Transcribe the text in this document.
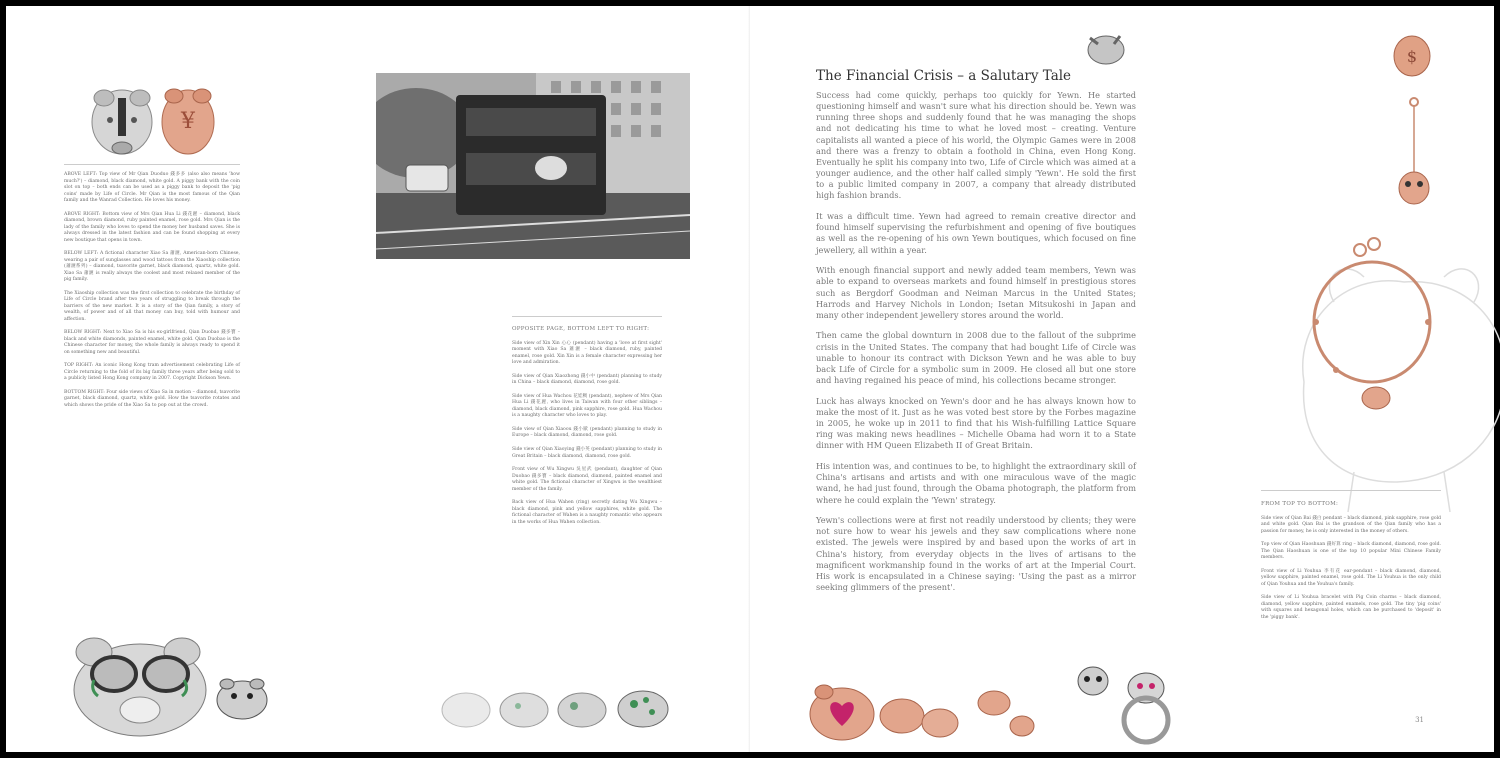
¥

ABOVE LEFT: Top view of Mr Qian Duoduo 錢多多 (also also means 'how much?') – diamond, black diamond, white gold. A piggy bank with the coin slot on top – both ends can be used as a piggy bank to deposit the 'pig coins' made by Life of Circle. Mr Qian is the most famous of the Qian family and the Wanrad Collection. He loves his money.

ABOVE RIGHT: Bottom view of Mrs Qian Hua Li 錢花麗 – diamond, black diamond, brown diamond, ruby painted enamel, rose gold. Mrs Qian is the lady of the family who loves to spend the money her husband saves. She is always dressed in the latest fashion and can be found shopping at every new boutique that opens in town.

BELOW LEFT: A fictional character Xiao Sa 蕭灑, American-born Chinese, wearing a pair of sunglasses and wood tattoos from the Xiaoship collection (蕭灑系列) – diamond, tsavorite garnet, black diamond, quartz, white gold. Xiao Sa 蕭灑 is really always the coolest and most relaxed member of the pig family.

The Xiaoship collection was the first collection to celebrate the birthday of Life of Circle brand after two years of struggling to break through the barriers of the new market. It is a story of the Qian family, a story of wealth, of power and of all that money can buy, told with humour and affection.

BELOW RIGHT: Next to Xiao Sa is his ex-girlfriend, Qian Duobao 錢多寶 – black and white diamonds, painted enamel, white gold. Qian Duobao is the Chinese character for money, the whole family is always ready to spend it on something new and beautiful.

TOP RIGHT: An iconic Hong Kong tram advertisement celebrating Life of Circle returning to the fold of its big family three years after being sold to a publicly listed Hong Kong company in 2007. Copyright Dickson Yewn.

BOTTOM RIGHT: Four side views of Xiao Sa in motion – diamond, tsavorite garnet, black diamond, quartz, white gold. How the tsavorite rotates and which shows the pride of the Xiao Sa to pop out at the crowd.

OPPOSITE PAGE, BOTTOM LEFT TO RIGHT:

Side view of Xin Xin 心心 (pendant) having a 'love at first sight' moment with Xiao Sa 蕭灑 – black diamond, ruby, painted enamel, rose gold. Xin Xin is a female character expressing her love and admiration.

Side view of Qian Xiaozhong 錢小中 (pendant) planning to study in China – black diamond, diamond, rose gold.

Side view of Hua Wachou 花娃稠 (pendant), nephew of Mrs Qian Hua Li 錢花麗, who lives in Taiwan with four other siblings – diamond, black diamond, pink sapphire, rose gold. Hua Wachou is a naughty character who loves to play.

Side view of Qian Xiaoou 錢小歐 (pendant) planning to study in Europe – black diamond, diamond, rose gold.

Side view of Qian Xiaoying 錢小英 (pendant) planning to study in Great Britain – black diamond, diamond, rose gold.

Front view of Wu Xingwu 吳星武 (pendant), daughter of Qian Duobao 錢多寶 – black diamond, diamond, painted enamel and white gold. The fictional character of Xingwu is the wealthiest member of the family.

Back view of Hua Wahen (ring) secretly dating Wu Xingwu – black diamond, pink and yellow sapphires, white gold. The fictional character of Wahen is a naughty romantic who appears in the works of Hua Wahen collection.

The Financial Crisis – a Salutary Tale

Success had come quickly, perhaps too quickly for Yewn. He started questioning himself and wasn't sure what his direction should be. Yewn was running three shops and suddenly found that he was managing the shops and not dedicating his time to what he loved most – creating. Venture capitalists all wanted a piece of his world, the Olympic Games were in 2008 and there was a frenzy to obtain a foothold in China, even Hong Kong. Eventually he split his company into two, Life of Circle which was aimed at a younger audience, and the other half called simply 'Yewn'. He sold the first to a public limited company in 2007, a company that already distributed high fashion brands.

It was a difficult time. Yewn had agreed to remain creative director and found himself supervising the refurbishment and opening of five boutiques as well as the re-opening of his own Yewn boutiques, which focused on fine jewellery, all within a year.

With enough financial support and newly added team members, Yewn was able to expand to overseas markets and found himself in prestigious stores such as Bergdorf Goodman and Neiman Marcus in the United States; Harrods and Harvey Nichols in London; Isetan Mitsukoshi in Japan and many other independent jewellery stores around the world.

Then came the global downturn in 2008 due to the fallout of the subprime crisis in the United States. The company that had bought Life of Circle was unable to honour its contract with Dickson Yewn and he was able to buy back Life of Circle for a symbolic sum in 2009. He closed all but one store and having regained his peace of mind, his collections became stronger.

Luck has always knocked on Yewn's door and he has always known how to make the most of it. Just as he was voted best store by the Forbes magazine in 2005, he woke up in 2011 to find that his Wish-fulfilling Lattice Square ring was making news headlines – Michelle Obama had worn it to a State dinner with HM Queen Elizabeth II of Great Britain.

His intention was, and continues to be, to highlight the extraordinary skill of China's artisans and artists and with one miraculous wave of the magic wand, he had just found, through the Obama photograph, the platform from where he could explain the 'Yewn' strategy.

Yewn's collections were at first not readily understood by clients; they were not sure how to wear his jewels and they saw complications where none existed. The jewels were inspired by and based upon the works of art in China's history, from everyday objects in the lives of artisans to the magnificent workmanship found in the works of art at the Imperial Court. His work is encapsulated in a Chinese saying: 'Using the past as a mirror seeking glimmers of the present'.

$
FROM TOP TO BOTTOM:

Side view of Qian Bai 錢白 pendant – black diamond, pink sapphire, rose gold and white gold. Qian Bai is the grandson of the Qian family who has a passion for money, he is only interested in the money of others.

Top view of Qian Haoshuan 錢好算 ring – black diamond, diamond, rose gold. The Qian Haoshuan is one of the top 10 popular Mini Chinese Family members.

Front view of Li Youhua 李有花 ear-pendant – black diamond, diamond, yellow sapphire, painted enamel, rose gold. The Li Youhua is the only child of Qian Youhua and the Youhua's family.

Side view of Li Youhua bracelet with Pig Coin charms – black diamond, diamond, yellow sapphire, painted enamels, rose gold. The tiny 'pig coins' with squares and hexagonal holes, which can be purchased to 'deposit' in the 'piggy bank'.

31
